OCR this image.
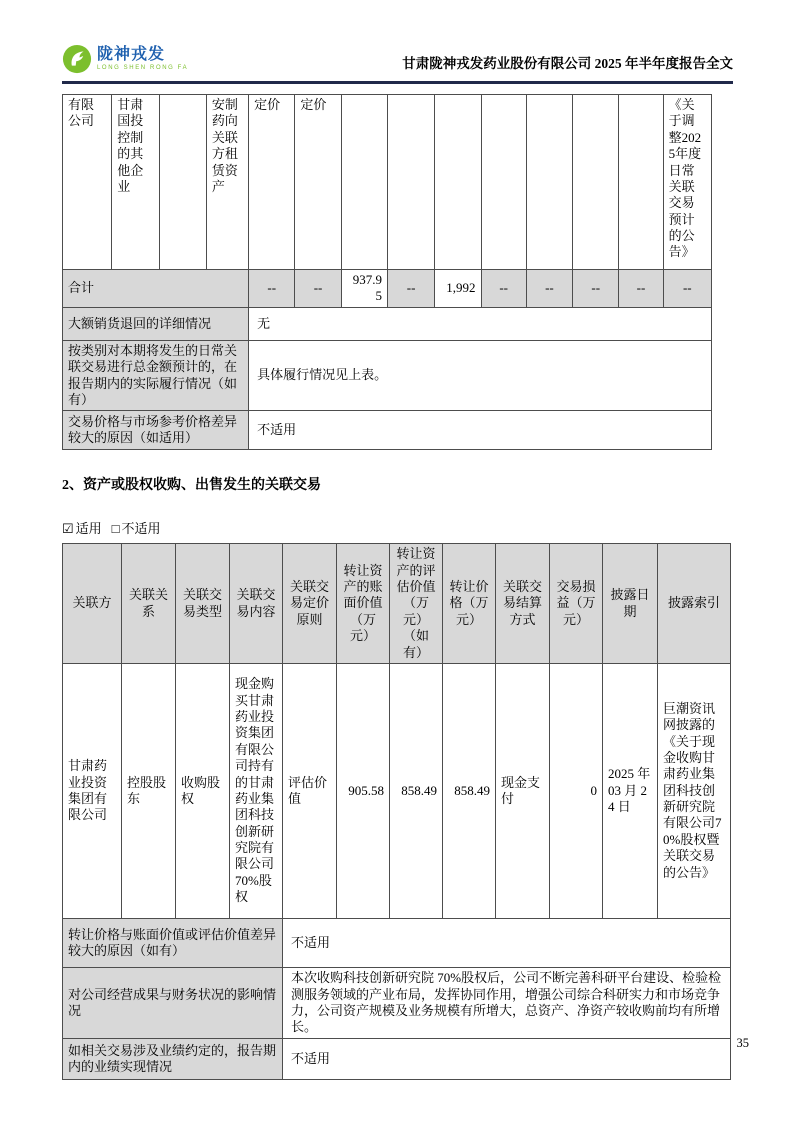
陇神戎发
LONG SHEN RONG FA	甘肃陇神戎发药业股份有限公司 2025 年半年度报告全文
有限公司	甘肃国投控制的其他企业		安制药向关联方租赁资产	定价	定价								《关于调整2025年度日常关联交易预计的公告》
合计				--	--	937.95	--	1,992	--	--	--	--	--
大额销货退回的详细情况				无									
按类别对本期将发生的日常关联交易进行总金额预计的，在报告期内的实际履行情况（如有）				具体履行情况见上表。									
交易价格与市场参考价格差异较大的原因（如适用）				不适用									
2、资产或股权收购、出售发生的关联交易
☑ 适用 □ 不适用
关联方	关联关系	关联交易类型	关联交易内容	关联交易定价原则	转让资产的账面价值（万元）	转让资产的评估价值（万元）（如有）	转让价格（万元）	关联交易结算方式	交易损益（万元）	披露日期	披露索引
甘肃药业投资集团有限公司	控股股东	收购股权	现金购买甘肃药业投资集团有限公司持有的甘肃药业集团科技创新研究院有限公司70%股权	评估价值	905.58	858.49	858.49	现金支付	0	2025 年 03 月 24 日	巨潮资讯网披露的《关于现金收购甘肃药业集团科技创新研究院有限公司70%股权暨关联交易的公告》
转让价格与账面价值或评估价值差异较大的原因（如有）				不适用							
对公司经营成果与财务状况的影响情况				本次收购科技创新研究院 70%股权后，公司不断完善科研平台建设、检验检测服务领域的产业布局，发挥协同作用，增强公司综合科研实力和市场竞争力，公司资产规模及业务规模有所增大，总资产、净资产较收购前均有所增长。							
如相关交易涉及业绩约定的，报告期内的业绩实现情况				不适用							
35
